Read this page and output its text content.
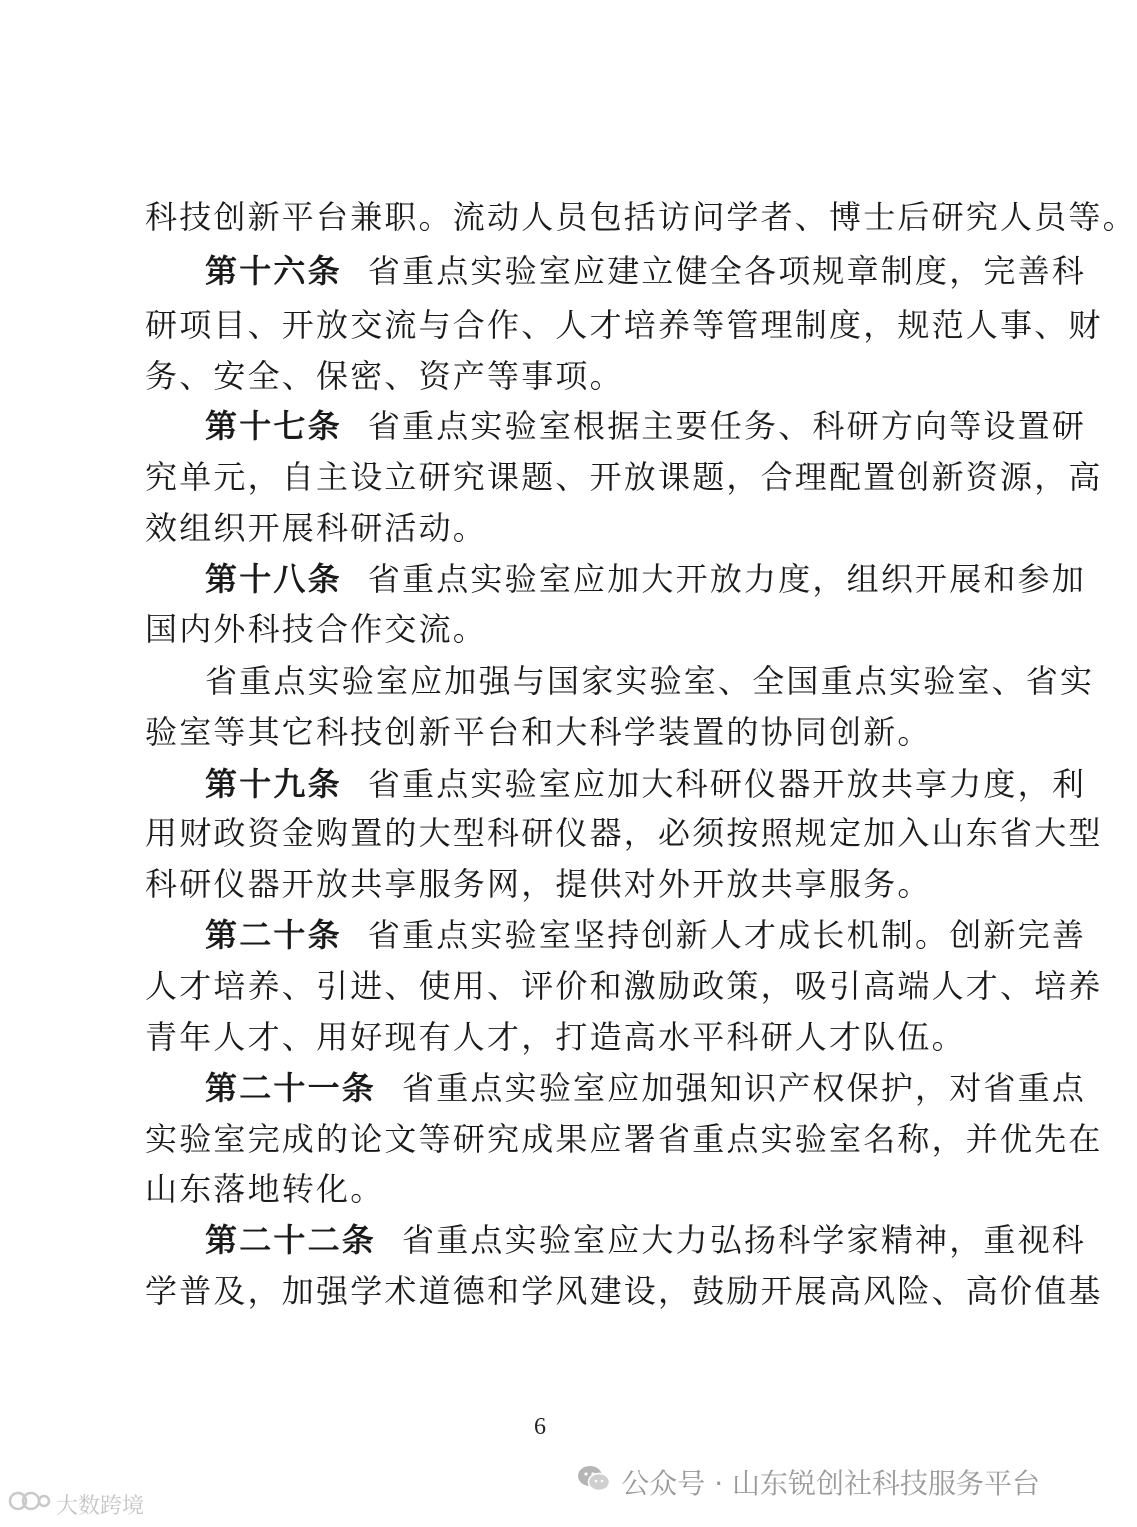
科技创新平台兼职。流动人员包括访问学者、博士后研究人员等。
第十六条 省重点实验室应建立健全各项规章制度，完善科
研项目、开放交流与合作、人才培养等管理制度，规范人事、财
务、安全、保密、资产等事项。
第十七条 省重点实验室根据主要任务、科研方向等设置研
究单元，自主设立研究课题、开放课题，合理配置创新资源，高
效组织开展科研活动。
第十八条 省重点实验室应加大开放力度，组织开展和参加
国内外科技合作交流。
省重点实验室应加强与国家实验室、全国重点实验室、省实
验室等其它科技创新平台和大科学装置的协同创新。
第十九条 省重点实验室应加大科研仪器开放共享力度，利
用财政资金购置的大型科研仪器，必须按照规定加入山东省大型
科研仪器开放共享服务网，提供对外开放共享服务。
第二十条 省重点实验室坚持创新人才成长机制。创新完善
人才培养、引进、使用、评价和激励政策，吸引高端人才、培养
青年人才、用好现有人才，打造高水平科研人才队伍。
第二十一条 省重点实验室应加强知识产权保护，对省重点
实验室完成的论文等研究成果应署省重点实验室名称，并优先在
山东落地转化。
第二十二条 省重点实验室应大力弘扬科学家精神，重视科
学普及，加强学术道德和学风建设，鼓励开展高风险、高价值基
6
公众号 · 山东锐创社科技服务平台
大数跨境
